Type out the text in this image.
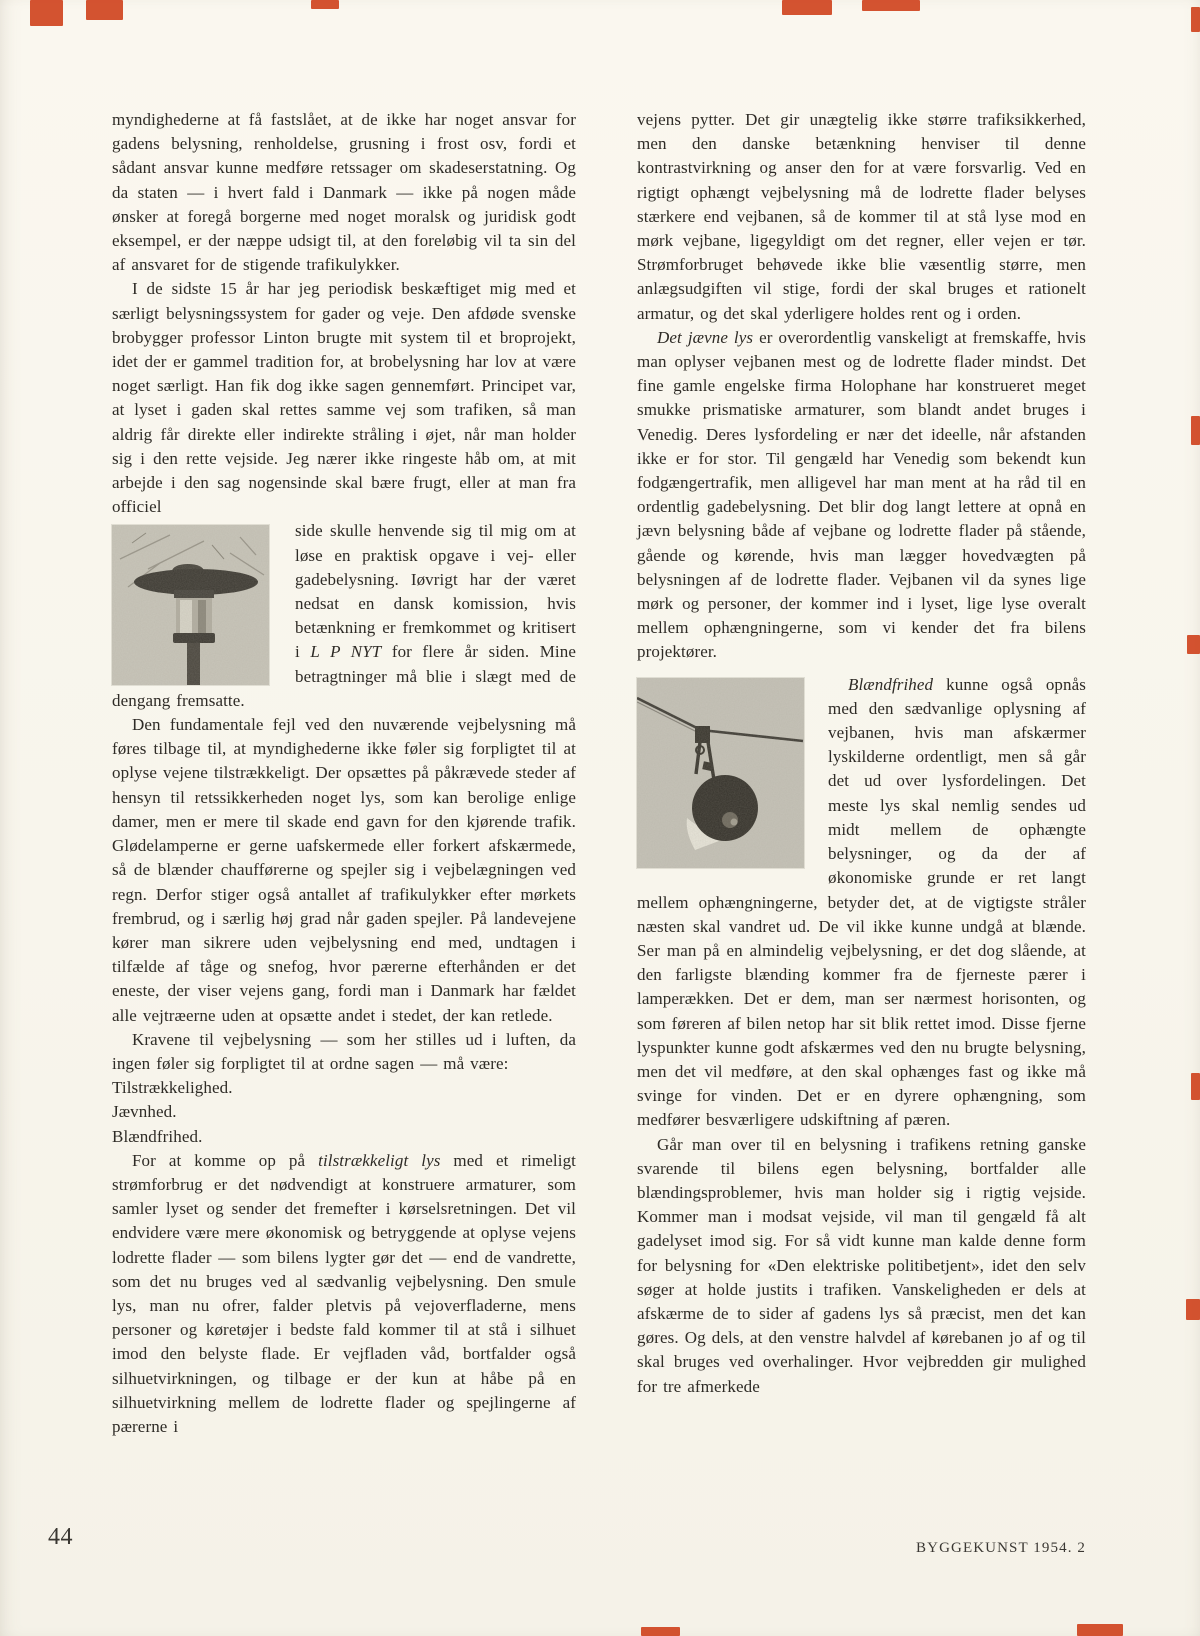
myndighederne at få fastslået, at de ikke har noget ansvar for gadens belysning, renholdelse, grusning i frost osv, fordi et sådant ansvar kunne medføre retssager om skadeserstatning. Og da staten — i hvert fald i Danmark — ikke på nogen måde ønsker at foregå borgerne med noget moralsk og juridisk godt eksempel, er der næppe udsigt til, at den foreløbig vil ta sin del af ansvaret for de stigende trafikulykker.

I de sidste 15 år har jeg periodisk beskæftiget mig med et særligt belysningssystem for gader og veje. Den afdøde svenske brobygger professor Linton brugte mit system til et broprojekt, idet der er gammel tradition for, at brobelysning har lov at være noget særligt. Han fik dog ikke sagen gennemført. Principet var, at lyset i gaden skal rettes samme vej som trafiken, så man aldrig får direkte eller indirekte stråling i øjet, når man holder sig i den rette vejside. Jeg nærer ikke ringeste håb om, at mit arbejde i den sag nogensinde skal bære frugt, eller at man fra officiel

side skulle henvende sig til mig om at løse en praktisk opgave i vej- eller gadebelysning. Iøvrigt har der været nedsat en dansk komission, hvis betænkning er fremkommet og kritisert i L P NYT for flere år siden. Mine betragtninger må blie i slægt med de dengang fremsatte.

Den fundamentale fejl ved den nuværende vejbelysning må føres tilbage til, at myndighederne ikke føler sig forpligtet til at oplyse vejene tilstrækkeligt. Der opsættes på påkrævede steder af hensyn til retssikkerheden noget lys, som kan berolige enlige damer, men er mere til skade end gavn for den kjørende trafik. Glødelamperne er gerne uafskermede eller forkert afskærmede, så de blænder chaufførerne og spejler sig i vejbelægningen ved regn. Derfor stiger også antallet af trafikulykker efter mørkets frembrud, og i særlig høj grad når gaden spejler. På landevejene kører man sikrere uden vejbelysning end med, undtagen i tilfælde af tåge og snefog, hvor pærerne efterhånden er det eneste, der viser vejens gang, fordi man i Danmark har fældet alle vejtræerne uden at opsætte andet i stedet, der kan retlede.

Kravene til vejbelysning — som her stilles ud i luften, da ingen føler sig forpligtet til at ordne sagen — må være:

Tilstrækkelighed.

Jævnhed.

Blændfrihed.

For at komme op på tilstrækkeligt lys med et rimeligt strømforbrug er det nødvendigt at konstruere armaturer, som samler lyset og sender det fremefter i kørselsretningen. Det vil endvidere være mere økonomisk og betryggende at oplyse vejens lodrette flader — som bilens lygter gør det — end de vandrette, som det nu bruges ved al sædvanlig vejbelysning. Den smule lys, man nu ofrer, falder pletvis på vejoverfladerne, mens personer og køretøjer i bedste fald kommer til at stå i silhuet imod den belyste flade. Er vejfladen våd, bortfalder også silhuetvirkningen, og tilbage er der kun at håbe på en silhuetvirkning mellem de lodrette flader og spejlingerne af pærerne i

vejens pytter. Det gir unægtelig ikke større trafiksikkerhed, men den danske betænkning henviser til denne kontrastvirkning og anser den for at være forsvarlig. Ved en rigtigt ophængt vejbelysning må de lodrette flader belyses stærkere end vejbanen, så de kommer til at stå lyse mod en mørk vejbane, ligegyldigt om det regner, eller vejen er tør. Strømforbruget behøvede ikke blie væsentlig større, men anlægsudgiften vil stige, fordi der skal bruges et rationelt armatur, og det skal yderligere holdes rent og i orden.

Det jævne lys er overordentlig vanskeligt at fremskaffe, hvis man oplyser vejbanen mest og de lodrette flader mindst. Det fine gamle engelske firma Holophane har konstrueret meget smukke prismatiske armaturer, som blandt andet bruges i Venedig. Deres lysfordeling er nær det ideelle, når afstanden ikke er for stor. Til gengæld har Venedig som bekendt kun fodgængertrafik, men alligevel har man ment at ha råd til en ordentlig gadebelysning. Det blir dog langt lettere at opnå en jævn belysning både af vejbane og lodrette flader på stående, gående og kørende, hvis man lægger hovedvægten på belysningen af de lodrette flader. Vejbanen vil da synes lige mørk og personer, der kommer ind i lyset, lige lyse overalt mellem ophængningerne, som vi kender det fra bilens projektører.

Blændfrihed kunne også opnås med den sædvanlige oplysning af vejbanen, hvis man afskærmer lyskilderne ordentligt, men så går det ud over lysfordelingen. Det meste lys skal nemlig sendes ud midt mellem de ophængte belysninger, og da der af økonomiske grunde er ret langt mellem ophængningerne, betyder det, at de vigtigste stråler næsten skal vandret ud. De vil ikke kunne undgå at blænde. Ser man på en almindelig vejbelysning, er det dog slående, at den farligste blænding kommer fra de fjerneste pærer i lamperækken. Det er dem, man ser nærmest horisonten, og som føreren af bilen netop har sit blik rettet imod. Disse fjerne lyspunkter kunne godt afskærmes ved den nu brugte belysning, men det vil medføre, at den skal ophænges fast og ikke må svinge for vinden. Det er en dyrere ophængning, som medfører besværligere udskiftning af pæren.

Går man over til en belysning i trafikens retning ganske svarende til bilens egen belysning, bortfalder alle blændingsproblemer, hvis man holder sig i rigtig vejside. Kommer man i modsat vejside, vil man til gengæld få alt gadelyset imod sig. For så vidt kunne man kalde denne form for belysning for «Den elektriske politibetjent», idet den selv søger at holde justits i trafiken. Vanskeligheden er dels at afskærme de to sider af gadens lys så præcist, men det kan gøres. Og dels, at den venstre halvdel af kørebanen jo af og til skal bruges ved overhalinger. Hvor vejbredden gir mulighed for tre afmerkede

44	BYGGEKUNST 1954. 2
